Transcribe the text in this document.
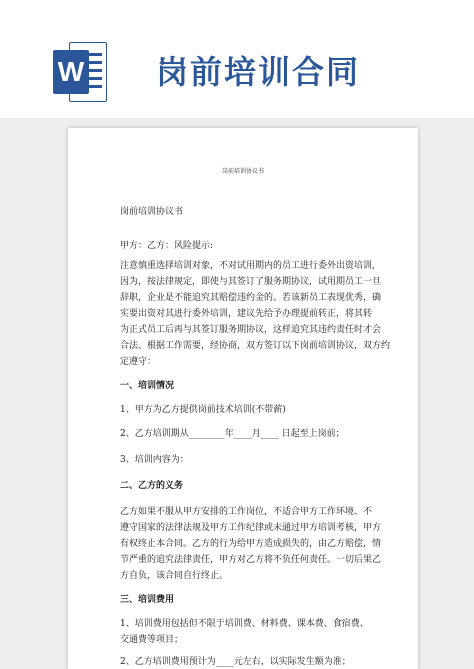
W 岗前培训合同
岗前培训协议书
岗前培训协议书
甲方：乙方：风险提示:
注意慎重选择培训对象，不对试用期内的员工进行委外出资培训,
因为，按法律规定，即使与其签订了服务期协议，试用期员工一旦
辞职，企业是不能追究其赔偿违约金的。若该新员工表现优秀，确
实要出资对其进行委外培训，建议先给予办理提前转正，将其转
为正式员工后再与其签订服务期协议，这样追究其违约责任时才会
合法、根据工作需要，经协商，双方签订以下岗前培训协议，双方约
定遵守：
一、培训情况
1、甲方为乙方提供岗前技术培训(不带薪)
2、乙方培训期从________年____月____ 日起至上岗前；
3、培训内容为：
二、乙方的义务
乙方如果不服从甲方安排的工作岗位，不适合甲方工作环境、不
遵守国家的法律法规及甲方工作纪律或未通过甲方培训考核，甲方
有权终止本合同。乙方的行为给甲方造成损失的，由乙方赔偿，情
节严重的追究法律责任，甲方对乙方将不负任何责任。一切后果乙
方自负，该合同自行终止。
三、培训费用
1、培训费用包括但不限于培训费、材料费、课本费、食宿费、
交通费等项目；
2、乙方培训费用预计为____元左右，以实际发生额为准；
